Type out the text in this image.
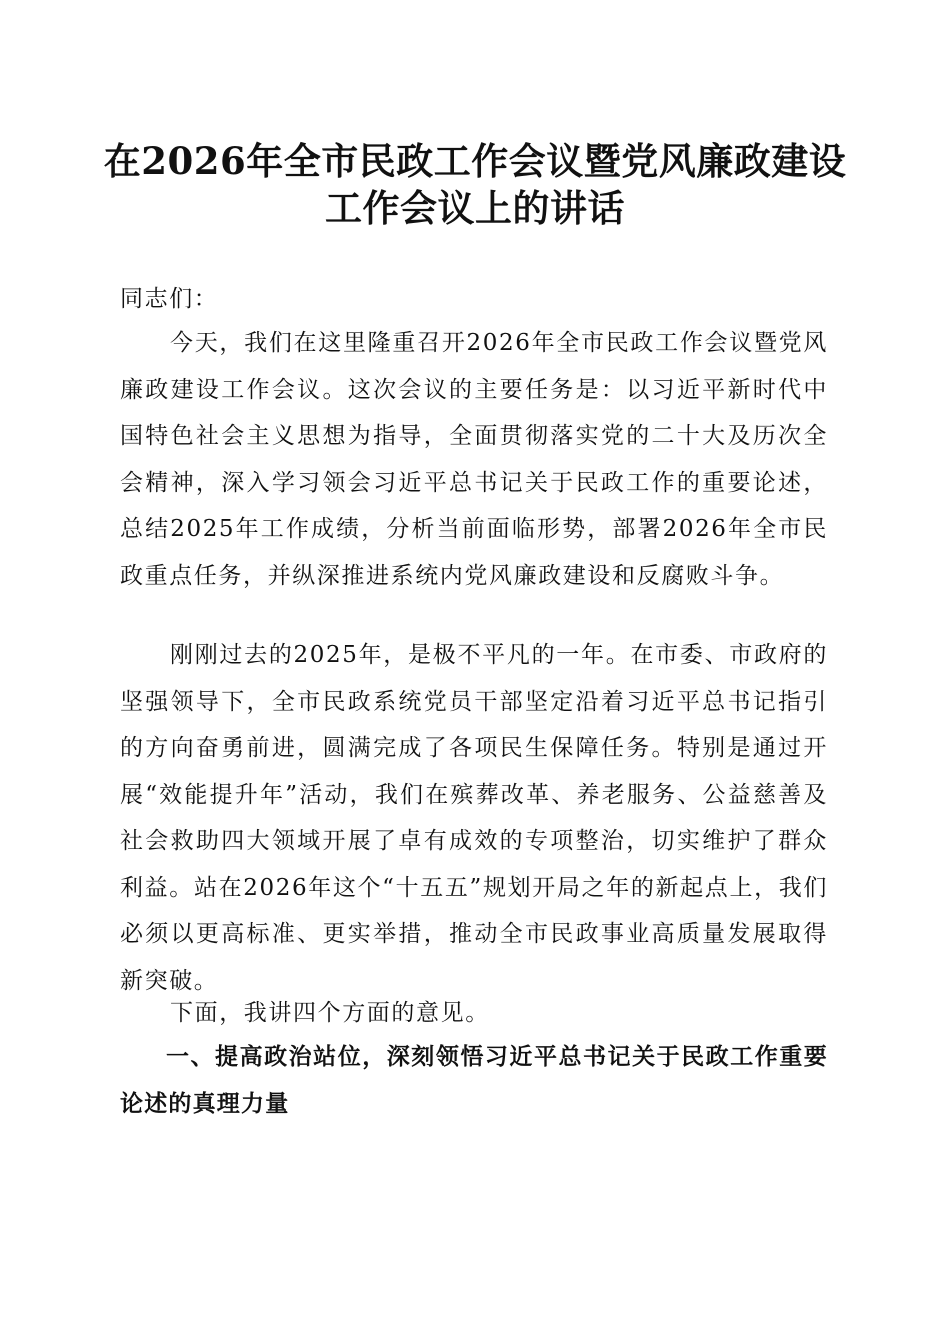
在2026年全市民政工作会议暨党风廉政建设
工作会议上的讲话

同志们：

今天，我们在这里隆重召开2026年全市民政工作会议暨党风廉政建设工作会议。这次会议的主要任务是：以习近平新时代中国特色社会主义思想为指导，全面贯彻落实党的二十大及历次全会精神，深入学习领会习近平总书记关于民政工作的重要论述，总结2025年工作成绩，分析当前面临形势，部署2026年全市民政重点任务，并纵深推进系统内党风廉政建设和反腐败斗争。

刚刚过去的2025年，是极不平凡的一年。在市委、市政府的坚强领导下，全市民政系统党员干部坚定沿着习近平总书记指引的方向奋勇前进，圆满完成了各项民生保障任务。特别是通过开展“效能提升年”活动，我们在殡葬改革、养老服务、公益慈善及社会救助四大领域开展了卓有成效的专项整治，切实维护了群众利益。站在2026年这个“十五五”规划开局之年的新起点上，我们必须以更高标准、更实举措，推动全市民政事业高质量发展取得新突破。

下面，我讲四个方面的意见。

一、提高政治站位，深刻领悟习近平总书记关于民政工作重要论述的真理力量
